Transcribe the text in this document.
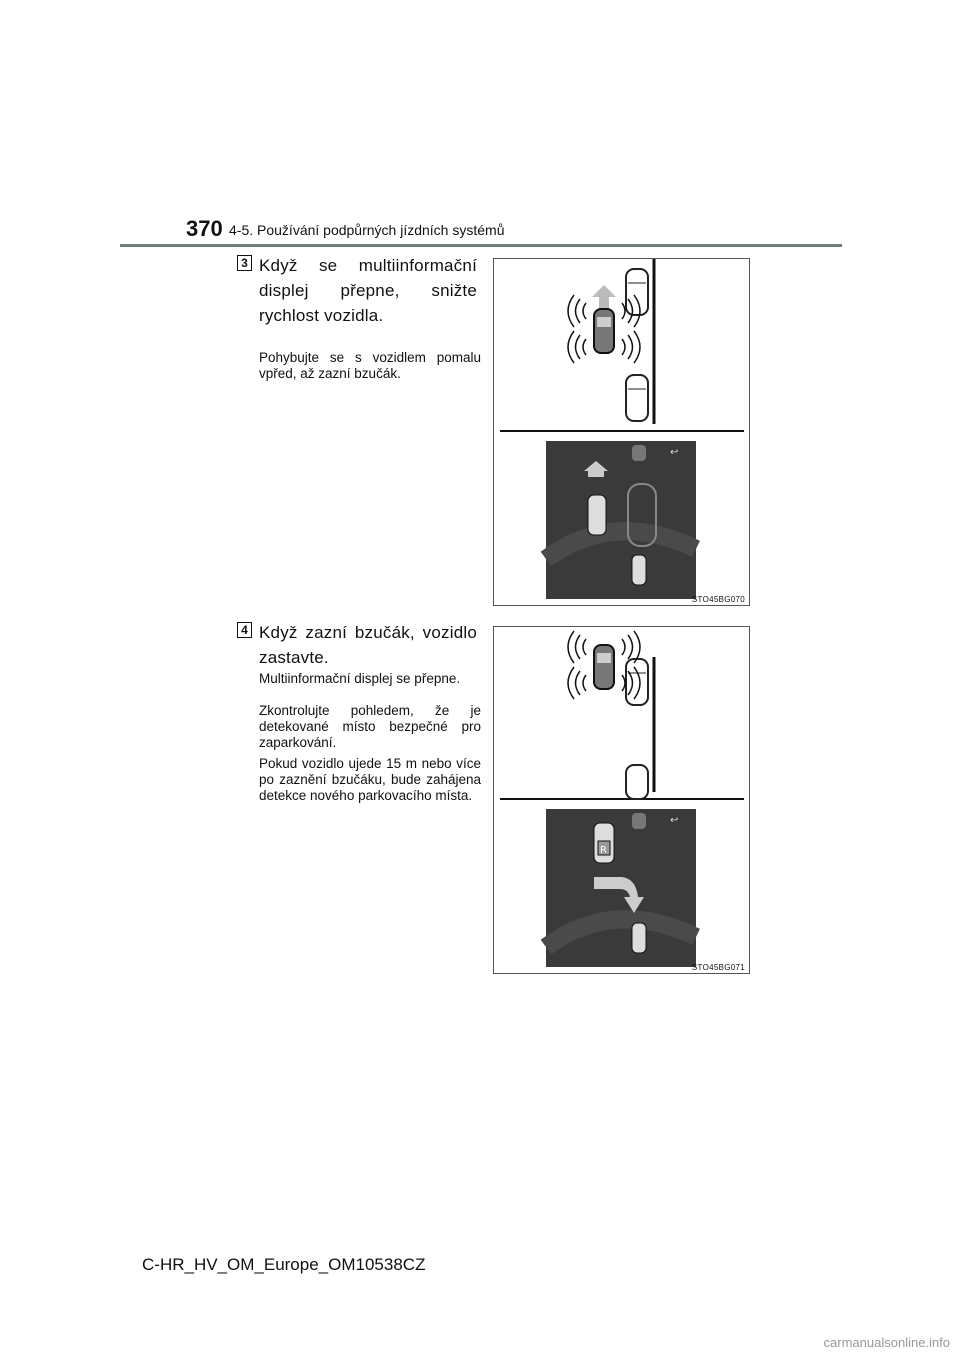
370 4-5. Používání podpůrných jízdních systémů
3 Když se multiinformační displej přepne, snižte rychlost vozidla.
Pohybujte se s vozidlem pomalu vpřed, až zazní bzučák.
↩
STO45BG070
4 Když zazní bzučák, vozidlo zastavte.
Multiinformační displej se přepne.
Zkontrolujte pohledem, že je detekované místo bezpečné pro zaparkování.
Pokud vozidlo ujede 15 m nebo více po zaznění bzučáku, bude zahájena detekce nového parkovacího místa.
R
↩
STO45BG071
C-HR_HV_OM_Europe_OM10538CZ
carmanualsonline.info
